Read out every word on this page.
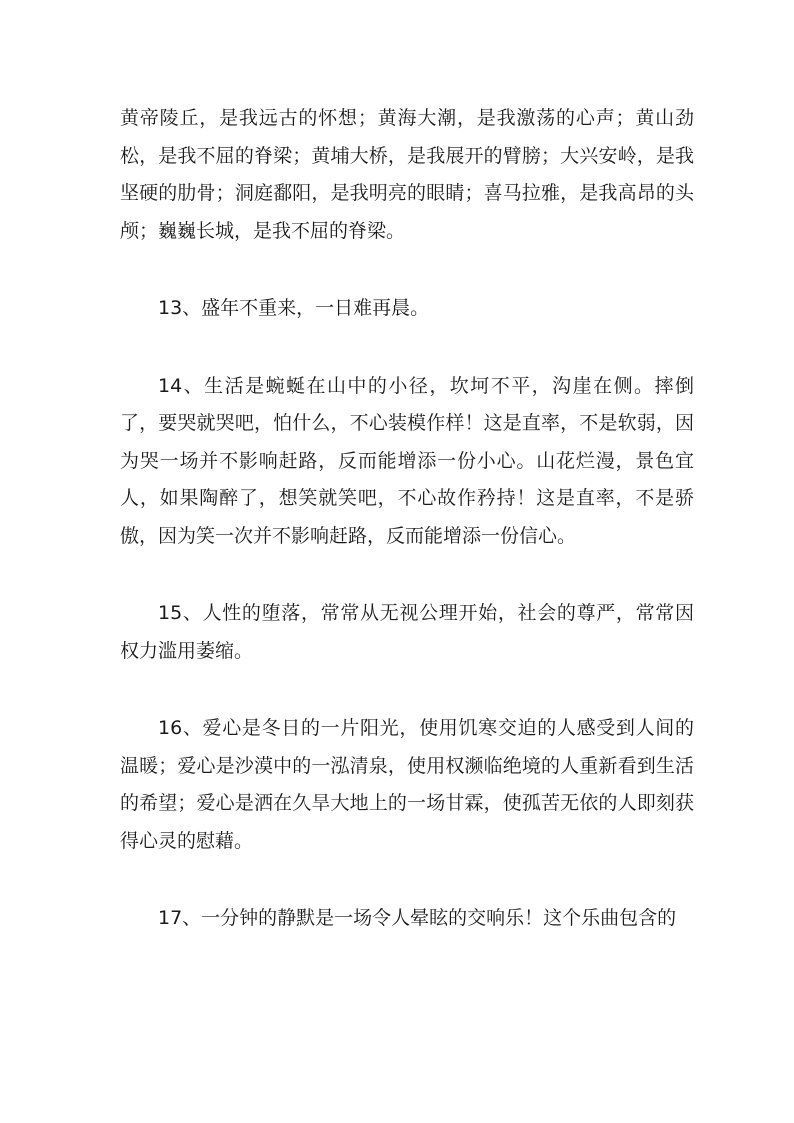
黄帝陵丘，是我远古的怀想；黄海大潮，是我激荡的心声；黄山劲松，是我不屈的脊梁；黄埔大桥，是我展开的臂膀；大兴安岭，是我坚硬的肋骨；洞庭鄱阳，是我明亮的眼睛；喜马拉雅，是我高昂的头颅；巍巍长城，是我不屈的脊梁。

13、盛年不重来，一日难再晨。

14、生活是蜿蜒在山中的小径，坎坷不平，沟崖在侧。摔倒了，要哭就哭吧，怕什么，不心装模作样！这是直率，不是软弱，因为哭一场并不影响赶路，反而能增添一份小心。山花烂漫，景色宜人，如果陶醉了，想笑就笑吧，不心故作矜持！这是直率，不是骄傲，因为笑一次并不影响赶路，反而能增添一份信心。

15、人性的堕落，常常从无视公理开始，社会的尊严，常常因权力滥用萎缩。

16、爱心是冬日的一片阳光，使用饥寒交迫的人感受到人间的温暖；爱心是沙漠中的一泓清泉，使用权濒临绝境的人重新看到生活的希望；爱心是洒在久旱大地上的一场甘霖，使孤苦无依的人即刻获得心灵的慰藉。

17、一分钟的静默是一场令人晕眩的交响乐！这个乐曲包含的
